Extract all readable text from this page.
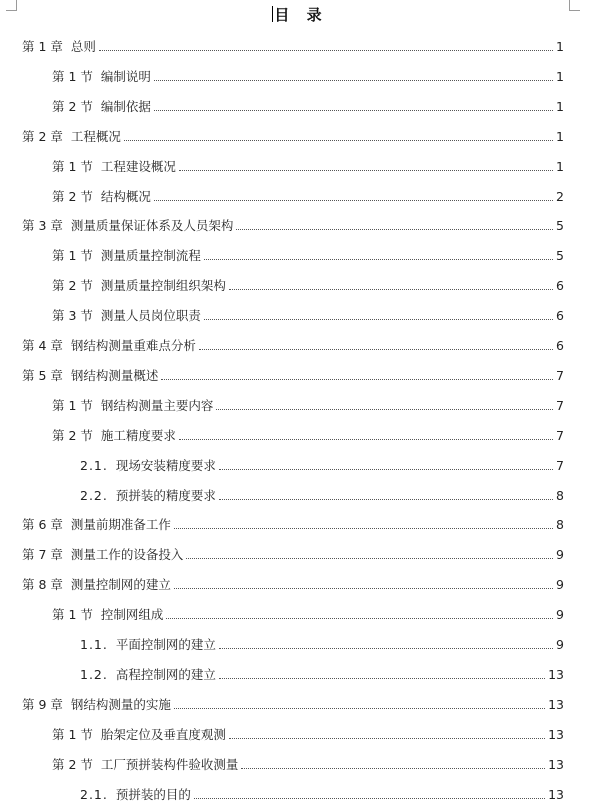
目 录
第 1 章 总则	1
第 1 节 编制说明	1
第 2 节 编制依据	1
第 2 章 工程概况	1
第 1 节 工程建设概况	1
第 2 节 结构概况	2
第 3 章 测量质量保证体系及人员架构	5
第 1 节 测量质量控制流程	5
第 2 节 测量质量控制组织架构	6
第 3 节 测量人员岗位职责	6
第 4 章 钢结构测量重难点分析	6
第 5 章 钢结构测量概述	7
第 1 节 钢结构测量主要内容	7
第 2 节 施工精度要求	7
2.1. 现场安装精度要求	7
2.2. 预拼装的精度要求	8
第 6 章 测量前期准备工作	8
第 7 章 测量工作的设备投入	9
第 8 章 测量控制网的建立	9
第 1 节 控制网组成	9
1.1. 平面控制网的建立	9
1.2. 高程控制网的建立	13
第 9 章 钢结构测量的实施	13
第 1 节 胎架定位及垂直度观测	13
第 2 节 工厂预拼装构件验收测量	13
2.1. 预拼装的目的	13
